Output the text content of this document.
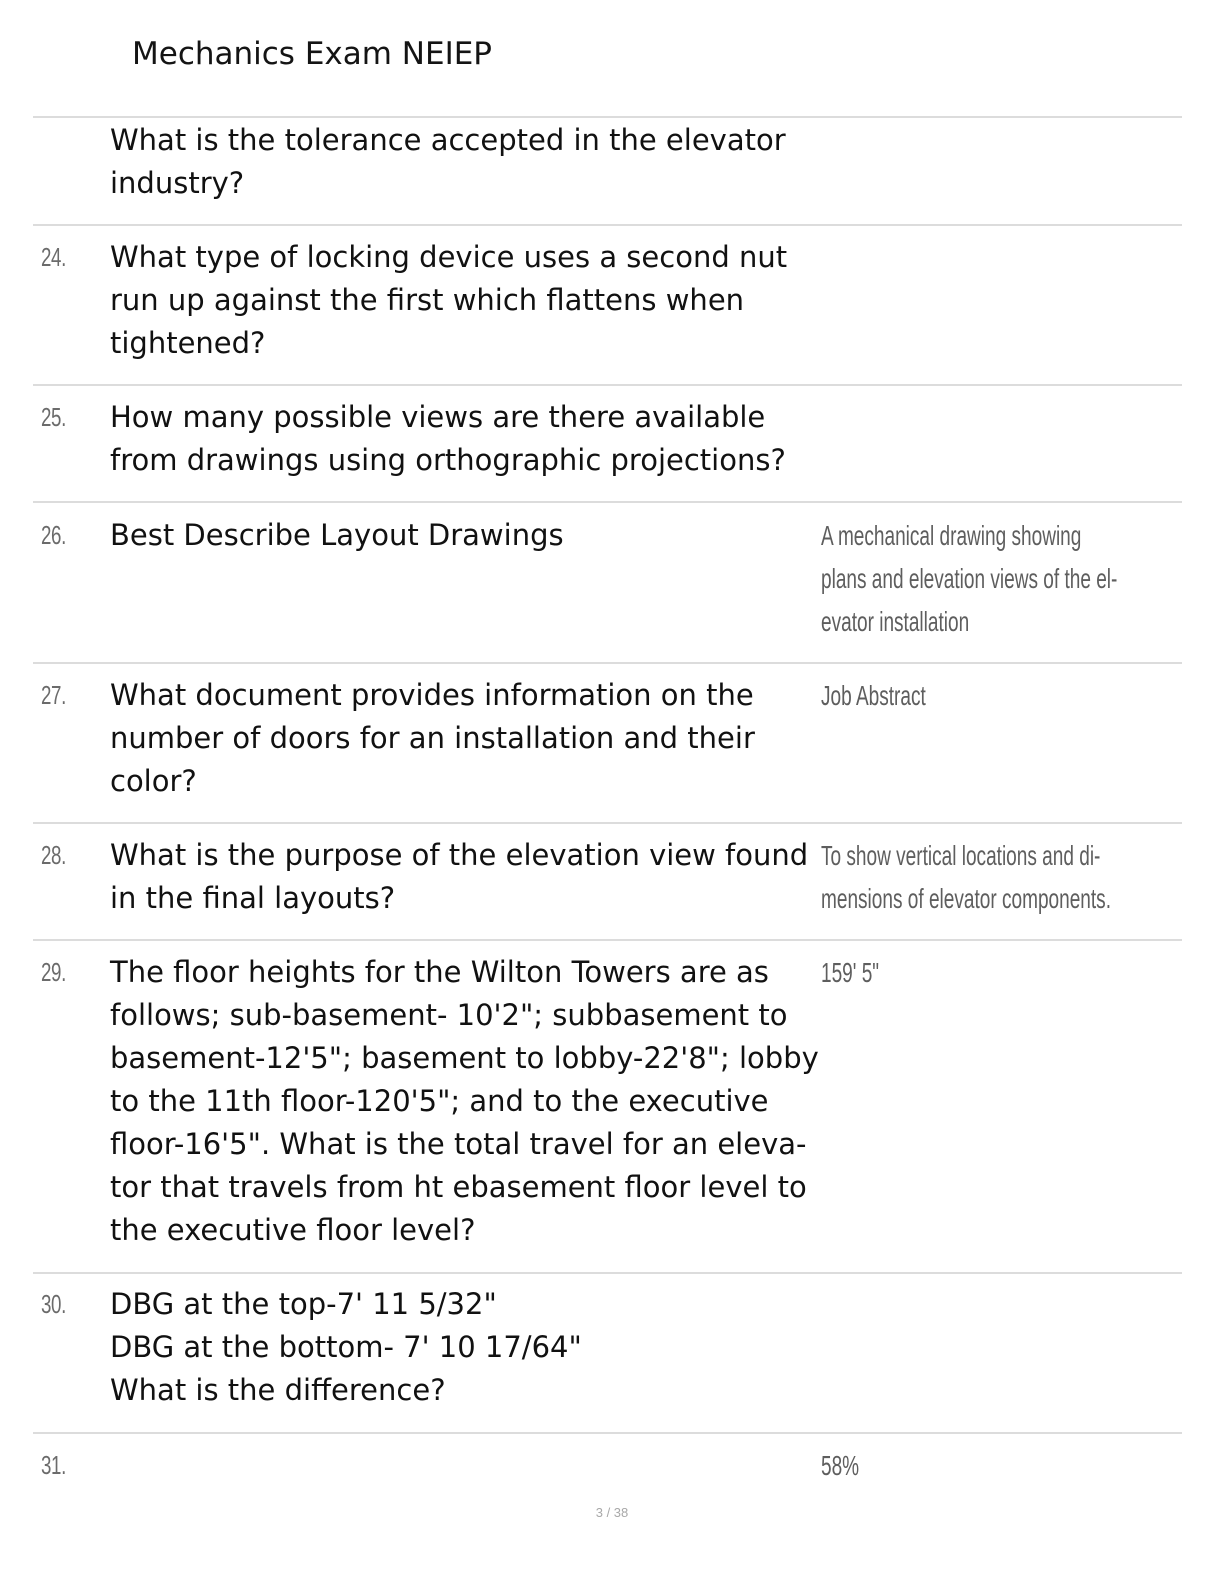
Mechanics Exam NEIEP
What is the tolerance accepted in the elevator
industry?
24. What type of locking device uses a second nut
run up against the first which flattens when
tightened?
25. How many possible views are there available
from drawings using orthographic projections?
26. Best Describe Layout Drawings	A mechanical drawing showing
plans and elevation views of the el-
evator installation
27. What document provides information on the
number of doors for an installation and their
color?
Job Abstract
28. What is the purpose of the elevation view found
in the final layouts?
To show vertical locations and di-
mensions of elevator components.
29. The floor heights for the Wilton Towers are as
follows; sub-basement- 10'2"; subbasement to
basement-12'5"; basement to lobby-22'8"; lobby
to the 11th floor-120'5"; and to the executive
floor-16'5". What is the total travel for an eleva-
tor that travels from ht ebasement floor level to
the executive floor level?
159' 5"
30. DBG at the top-7' 11 5/32"
DBG at the bottom- 7' 10 17/64"
What is the difference?
31.	58%
3 / 38
